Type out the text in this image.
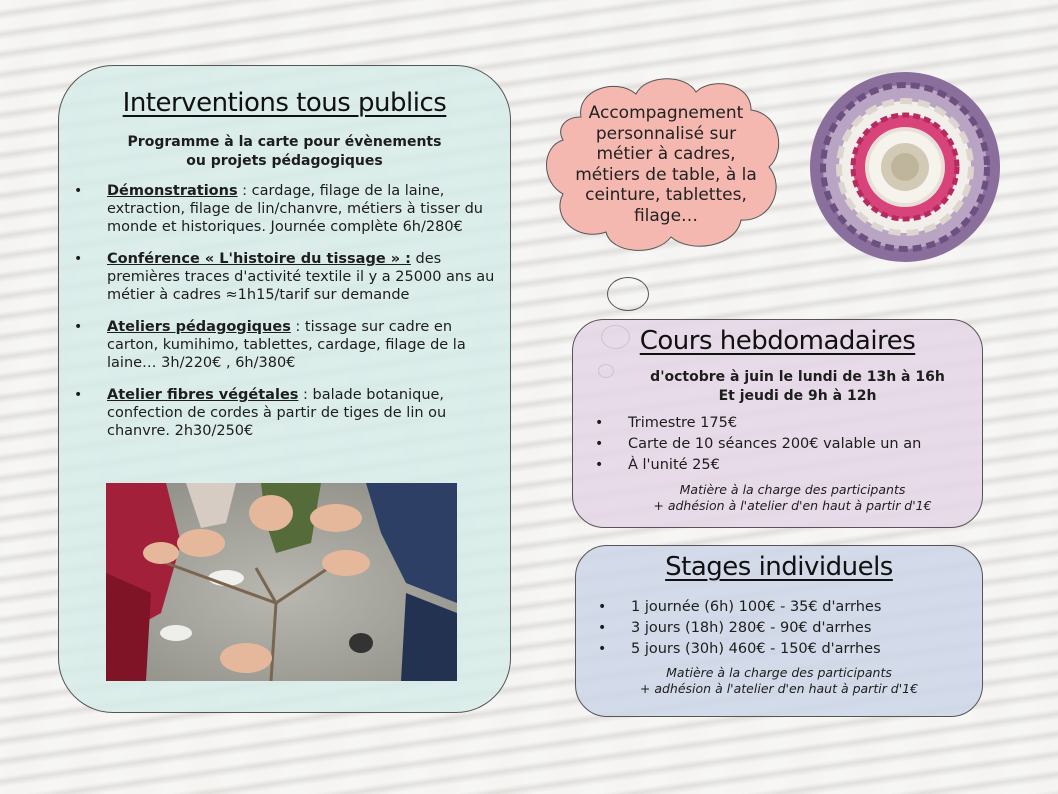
Interventions tous publics
Programme à la carte pour évènements
ou projets pédagogiques
• Démonstrations : cardage, filage de la laine, extraction, filage de lin/chanvre, métiers à tisser du monde et historiques. Journée complète 6h/280€
• Conférence « L'histoire du tissage » : des premières traces d'activité textile il y a 25000 ans au métier à cadres ≈1h15/tarif sur demande
• Ateliers pédagogiques : tissage sur cadre en carton, kumihimo, tablettes, cardage, filage de la laine… 3h/220€ , 6h/380€
• Atelier fibres végétales : balade botanique, confection de cordes à partir de tiges de lin ou chanvre. 2h30/250€
Accompagnement personnalisé sur métier à cadres, métiers de table, à la ceinture, tablettes, filage…
Cours hebdomadaires
d'octobre à juin le lundi de 13h à 16h
Et jeudi de 9h à 12h
• Trimestre 175€
• Carte de 10 séances 200€ valable un an
• À l'unité 25€
Matière à la charge des participants
+ adhésion à l'atelier d'en haut à partir d'1€
Stages individuels
• 1 journée (6h) 100€ - 35€ d'arrhes
• 3 jours (18h) 280€ - 90€ d'arrhes
• 5 jours (30h) 460€ - 150€ d'arrhes
Matière à la charge des participants
+ adhésion à l'atelier d'en haut à partir d'1€
